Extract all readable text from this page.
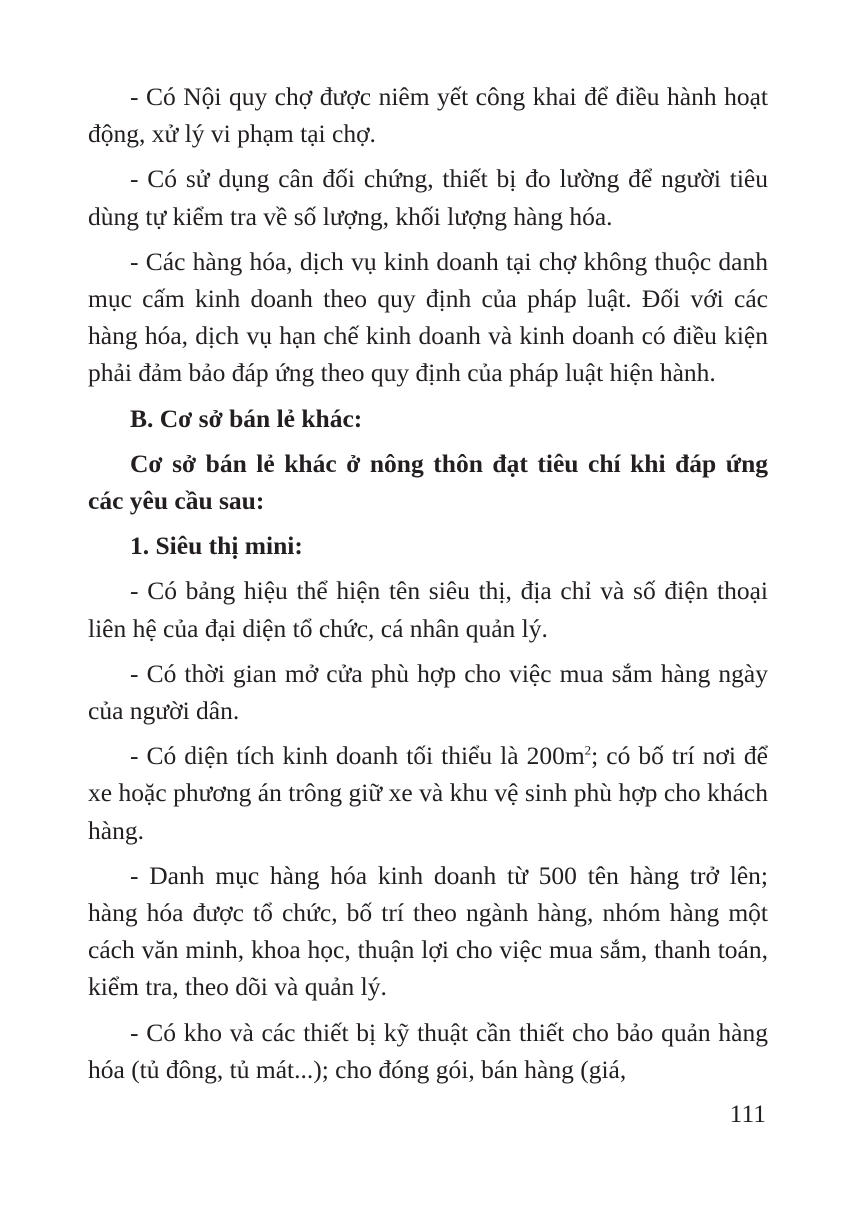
- Có Nội quy chợ được niêm yết công khai để điều hành hoạt động, xử lý vi phạm tại chợ.

- Có sử dụng cân đối chứng, thiết bị đo lường để người tiêu dùng tự kiểm tra về số lượng, khối lượng hàng hóa.

- Các hàng hóa, dịch vụ kinh doanh tại chợ không thuộc danh mục cấm kinh doanh theo quy định của pháp luật. Đối với các hàng hóa, dịch vụ hạn chế kinh doanh và kinh doanh có điều kiện phải đảm bảo đáp ứng theo quy định của pháp luật hiện hành.

B. Cơ sở bán lẻ khác:

Cơ sở bán lẻ khác ở nông thôn đạt tiêu chí khi đáp ứng các yêu cầu sau:

1. Siêu thị mini:

- Có bảng hiệu thể hiện tên siêu thị, địa chỉ và số điện thoại liên hệ của đại diện tổ chức, cá nhân quản lý.

- Có thời gian mở cửa phù hợp cho việc mua sắm hàng ngày của người dân.

- Có diện tích kinh doanh tối thiểu là $200m^2$; có bố trí nơi để xe hoặc phương án trông giữ xe và khu vệ sinh phù hợp cho khách hàng.

- Danh mục hàng hóa kinh doanh từ 500 tên hàng trở lên; hàng hóa được tổ chức, bố trí theo ngành hàng, nhóm hàng một cách văn minh, khoa học, thuận lợi cho việc mua sắm, thanh toán, kiểm tra, theo dõi và quản lý.

- Có kho và các thiết bị kỹ thuật cần thiết cho bảo quản hàng hóa (tủ đông, tủ mát...); cho đóng gói, bán hàng (giá,

111
